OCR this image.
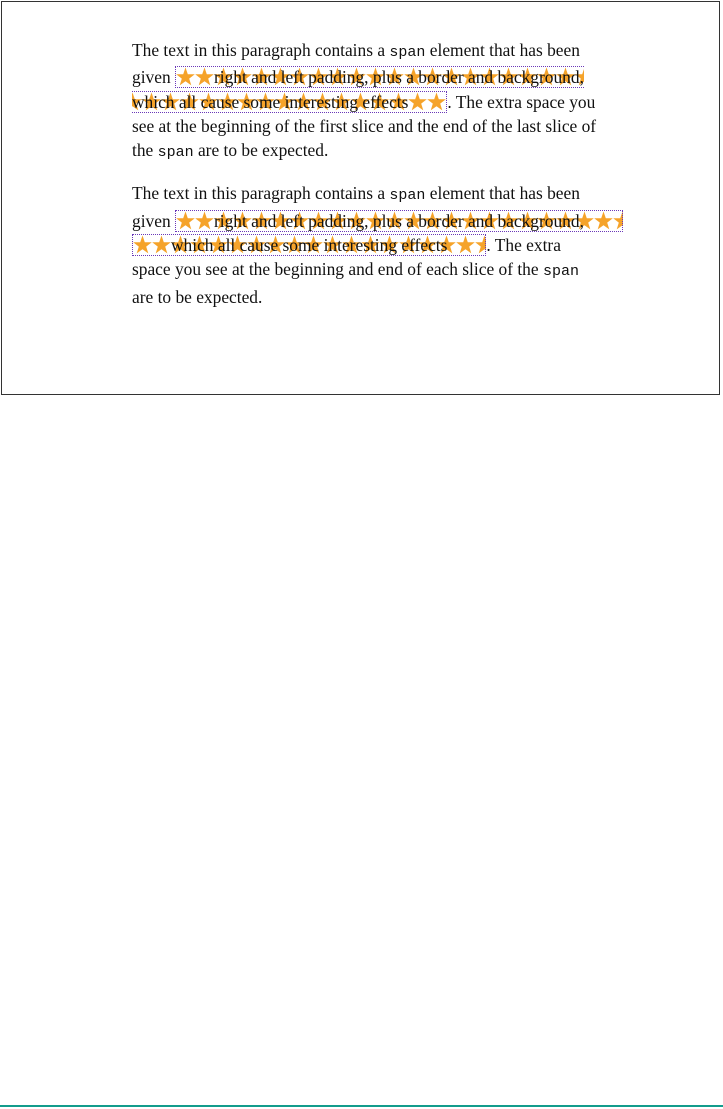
The text in this paragraph contains a span element that has been given right and left padding, plus a border and background, which all cause some interesting effects . The extra space you see at the beginning of the first slice and the end of the last slice of the span are to be expected.

The text in this paragraph contains a span element that has been given right and left padding, plus a border and background, which all cause some interesting effects . The extra space you see at the beginning and end of each slice of the span are to be expected.
